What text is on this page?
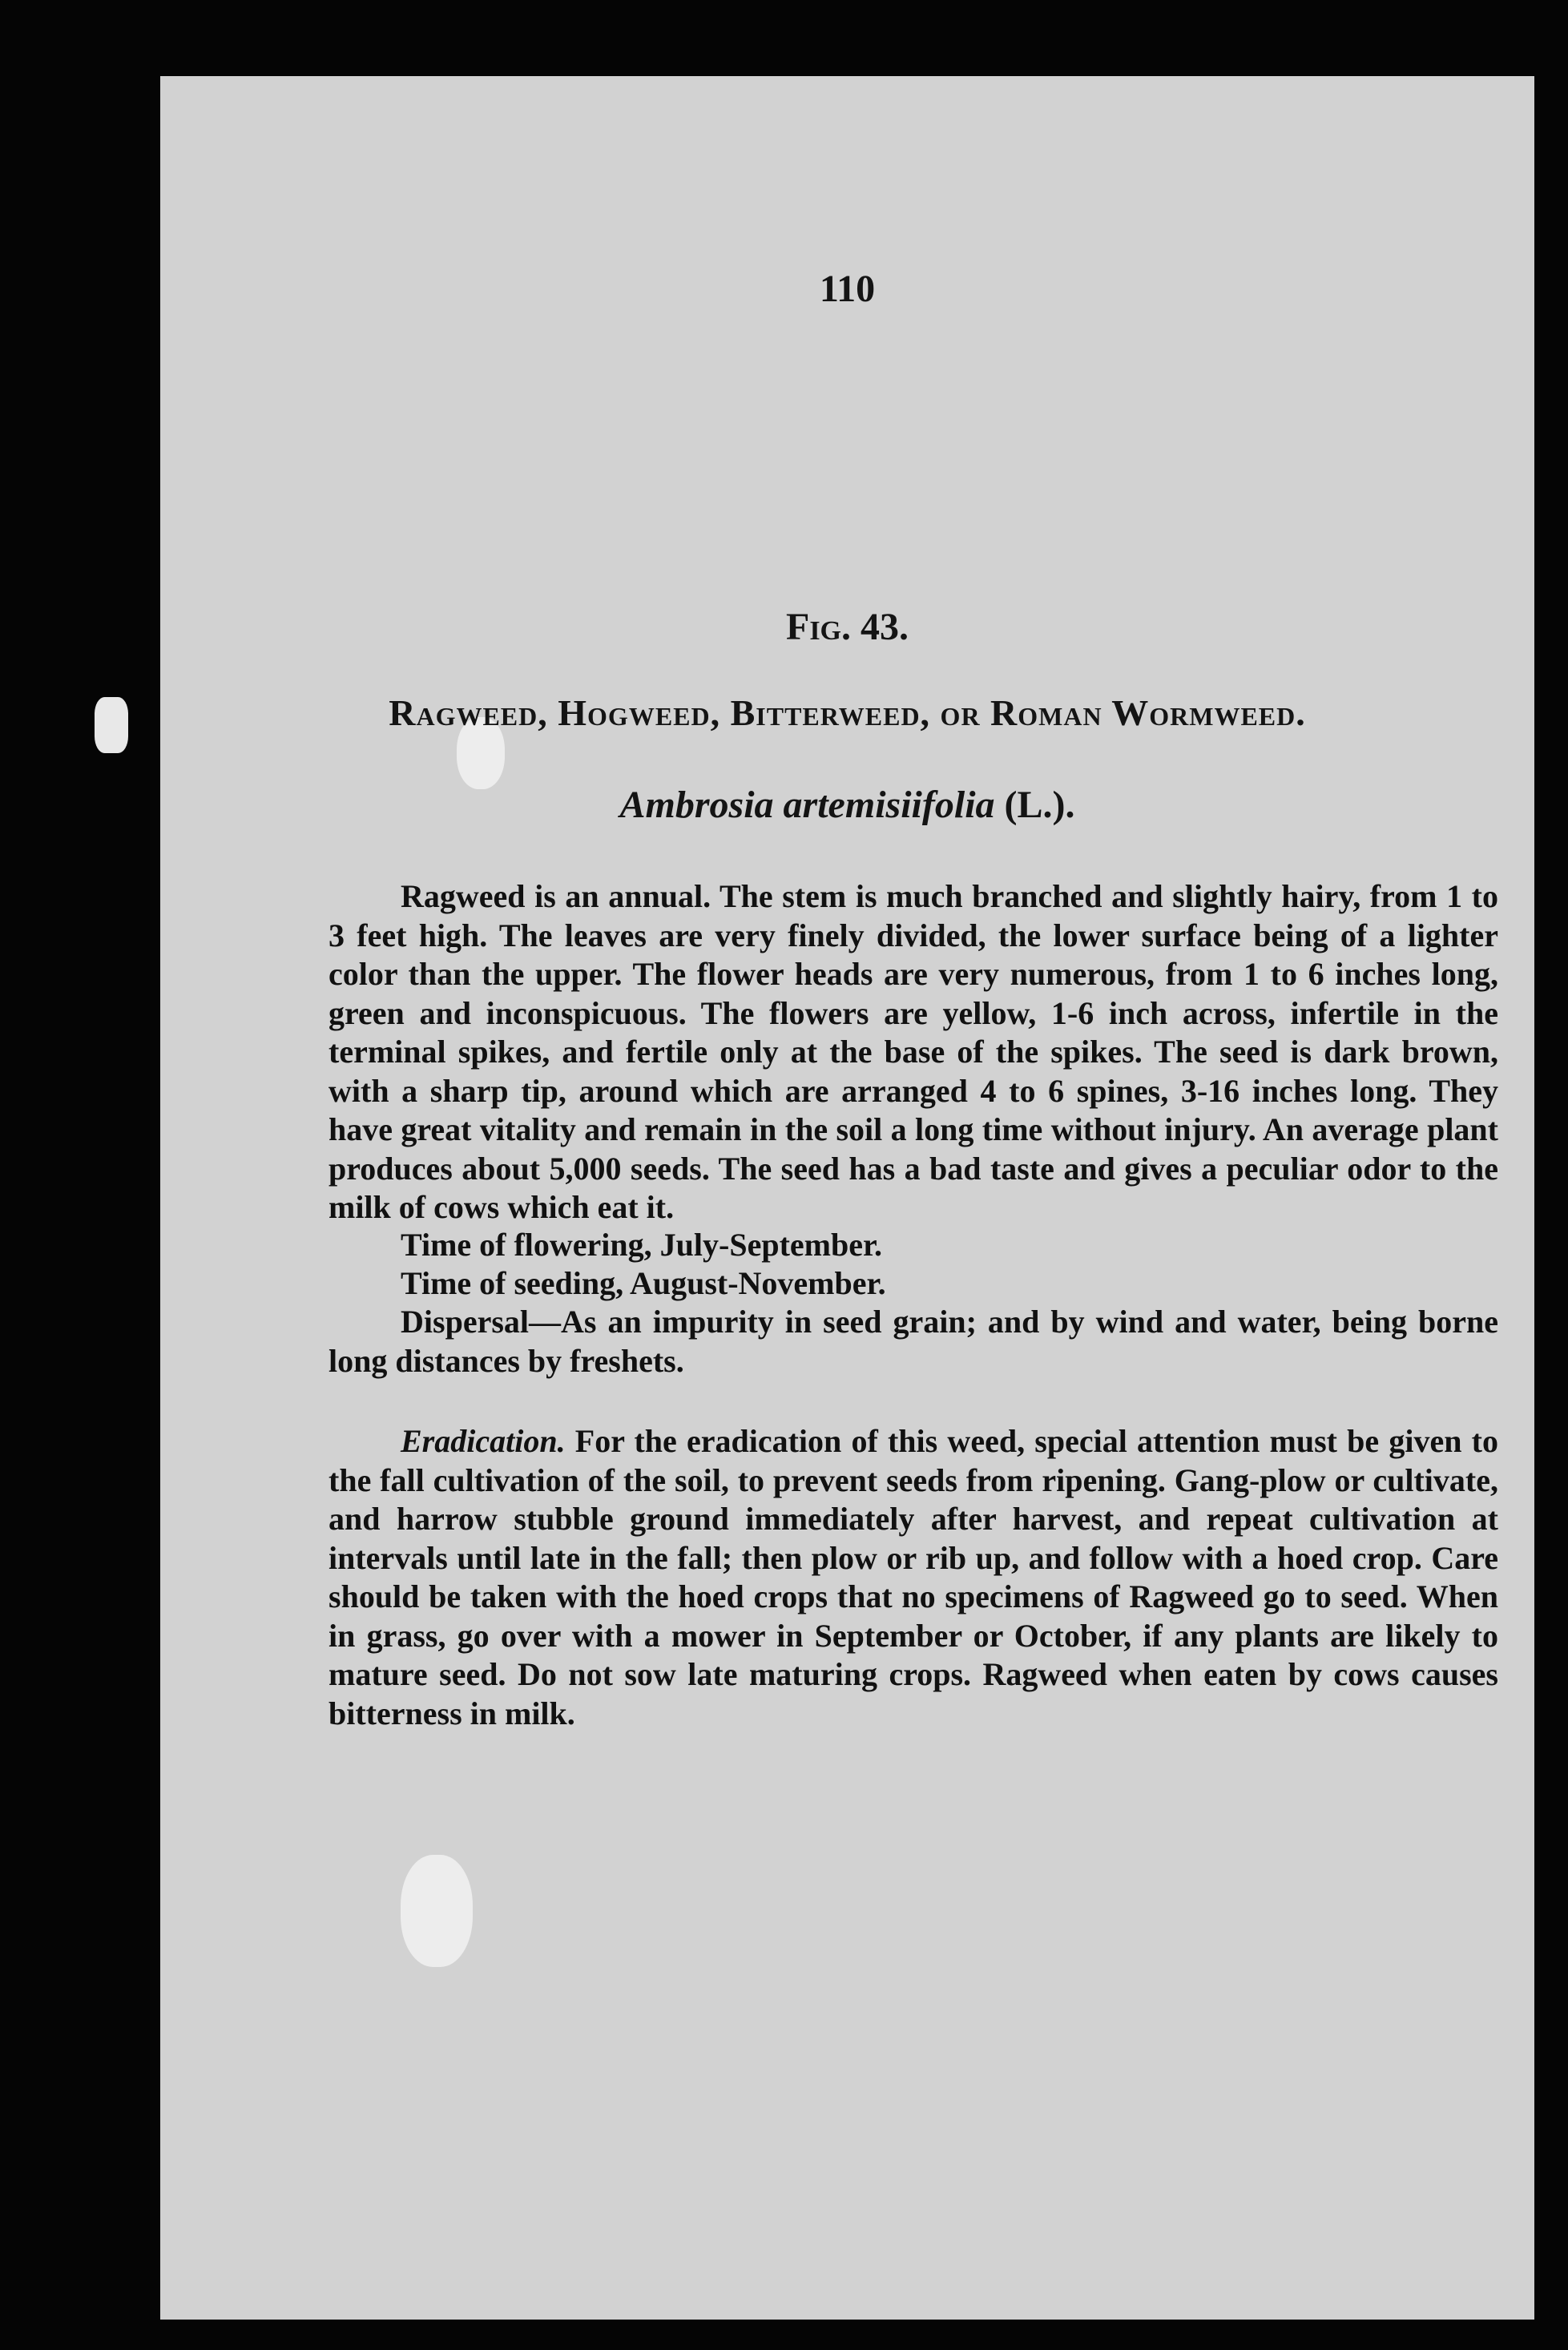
110
Fig. 43.
Ragweed, Hogweed, Bitterweed, or Roman Wormweed.
Ambrosia artemisiifolia (L.).
Ragweed is an annual. The stem is much branched and slightly hairy, from 1 to 3 feet high. The leaves are very finely divided, the lower surface being of a lighter color than the upper. The flower heads are very numerous, from 1 to 6 inches long, green and inconspicuous. The flowers are yellow, 1-6 inch across, infertile in the terminal spikes, and fertile only at the base of the spikes. The seed is dark brown, with a sharp tip, around which are arranged 4 to 6 spines, 3-16 inches long. They have great vitality and remain in the soil a long time without injury. An average plant produces about 5,000 seeds. The seed has a bad taste and gives a peculiar odor to the milk of cows which eat it.
Time of flowering, July-September.
Time of seeding, August-November.
Dispersal—As an impurity in seed grain; and by wind and water, being borne long distances by freshets.
Eradication. For the eradication of this weed, special attention must be given to the fall cultivation of the soil, to prevent seeds from ripening. Gang-plow or cultivate, and harrow stubble ground immediately after harvest, and repeat cultivation at intervals until late in the fall; then plow or rib up, and follow with a hoed crop. Care should be taken with the hoed crops that no specimens of Ragweed go to seed. When in grass, go over with a mower in September or October, if any plants are likely to mature seed. Do not sow late maturing crops. Ragweed when eaten by cows causes bitterness in milk.
